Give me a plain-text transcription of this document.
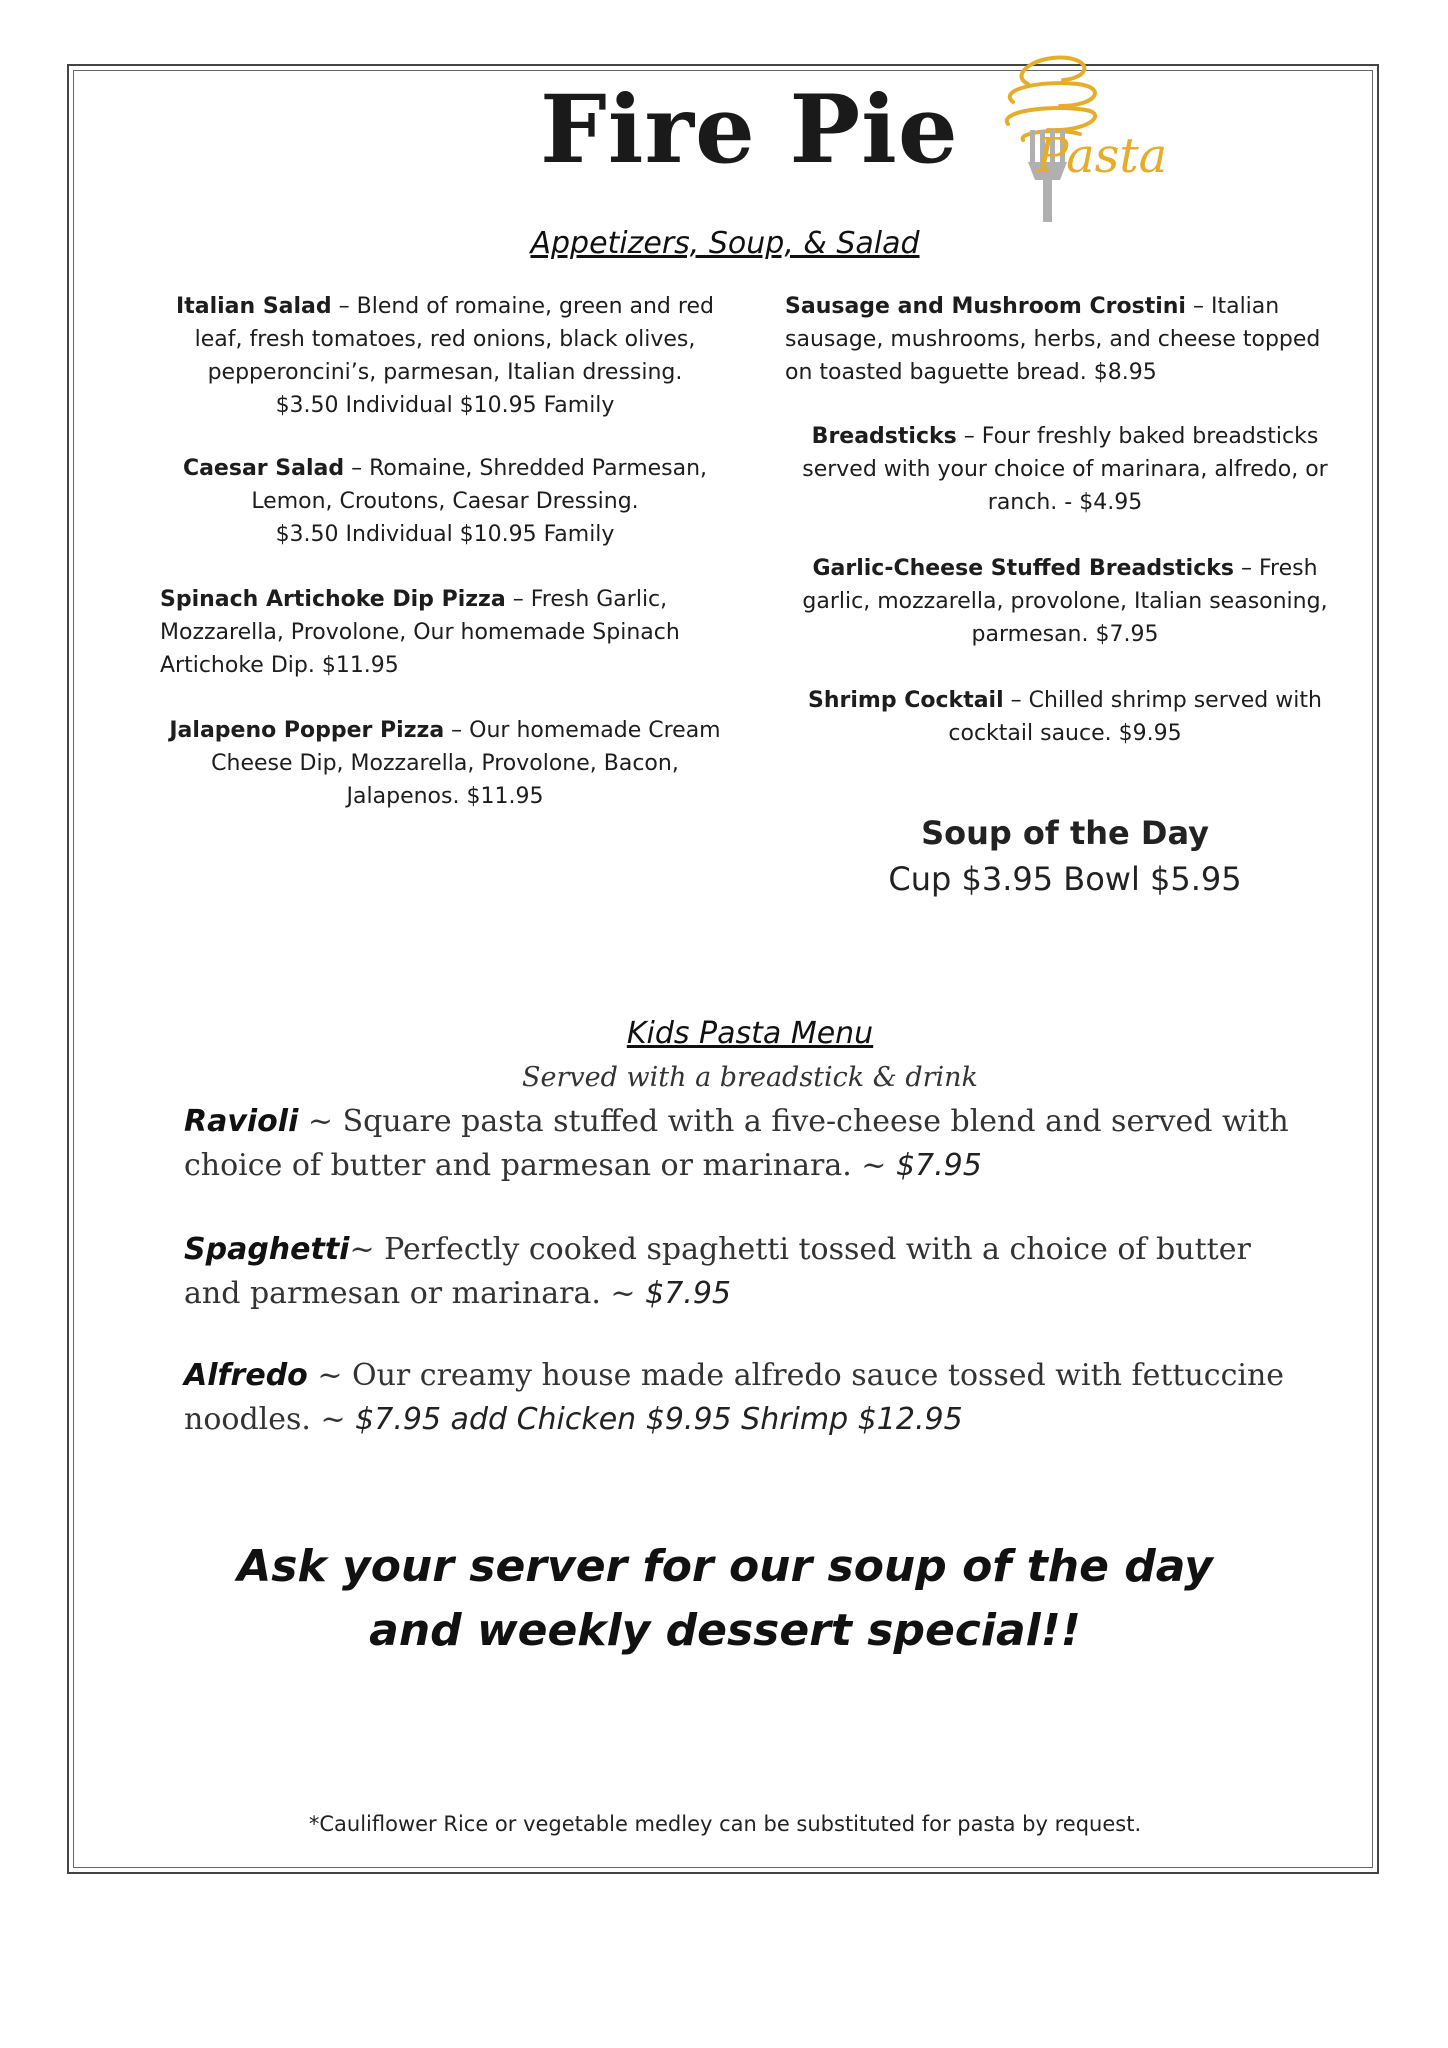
Fire Pie Pasta
Appetizers, Soup, & Salad
Italian Salad – Blend of romaine, green and red leaf, fresh tomatoes, red onions, black olives, pepperoncini’s, parmesan, Italian dressing.
$3.50 Individual $10.95 Family
Caesar Salad – Romaine, Shredded Parmesan, Lemon, Croutons, Caesar Dressing.
$3.50 Individual $10.95 Family
Spinach Artichoke Dip Pizza – Fresh Garlic, Mozzarella, Provolone, Our homemade Spinach Artichoke Dip. $11.95
Jalapeno Popper Pizza – Our homemade Cream Cheese Dip, Mozzarella, Provolone, Bacon, Jalapenos. $11.95
Sausage and Mushroom Crostini – Italian sausage, mushrooms, herbs, and cheese topped on toasted baguette bread. $8.95
Breadsticks – Four freshly baked breadsticks served with your choice of marinara, alfredo, or ranch. - $4.95
Garlic-Cheese Stuffed Breadsticks – Fresh garlic, mozzarella, provolone, Italian seasoning, parmesan. $7.95
Shrimp Cocktail – Chilled shrimp served with cocktail sauce. $9.95
Soup of the Day
Cup $3.95 Bowl $5.95
Kids Pasta Menu
Served with a breadstick & drink
Ravioli ~ Square pasta stuffed with a five-cheese blend and served with choice of butter and parmesan or marinara. ~ $7.95
Spaghetti~ Perfectly cooked spaghetti tossed with a choice of butter and parmesan or marinara. ~ $7.95
Alfredo ~ Our creamy house made alfredo sauce tossed with fettuccine noodles. ~ $7.95 add Chicken $9.95 Shrimp $12.95
Ask your server for our soup of the day and weekly dessert special!!
*Cauliflower Rice or vegetable medley can be substituted for pasta by request.
